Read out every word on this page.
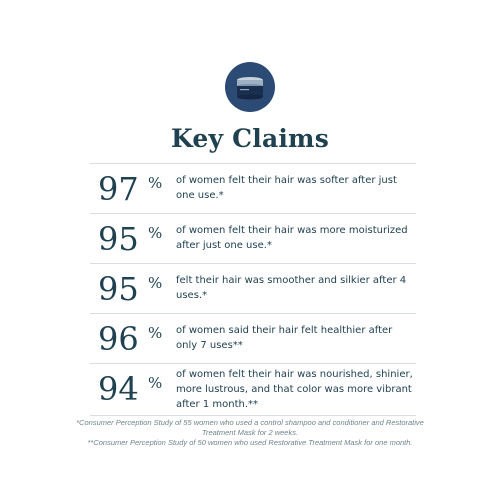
Key Claims
97 % of women felt their hair was softer after just one use.*

95 % of women felt their hair was more moisturized after just one use.*

95 % felt their hair was smoother and silkier after 4 uses.*

96 % of women said their hair felt healthier after only 7 uses**

94 % of women felt their hair was nourished, shinier, more lustrous, and that color was more vibrant after 1 month.**

*Consumer Perception Study of 55 women who used a control shampoo and conditioner and Restorative Treatment Mask for 2 weeks.

**Consumer Perception Study of 50 women who used Restorative Treatment Mask for one month.
